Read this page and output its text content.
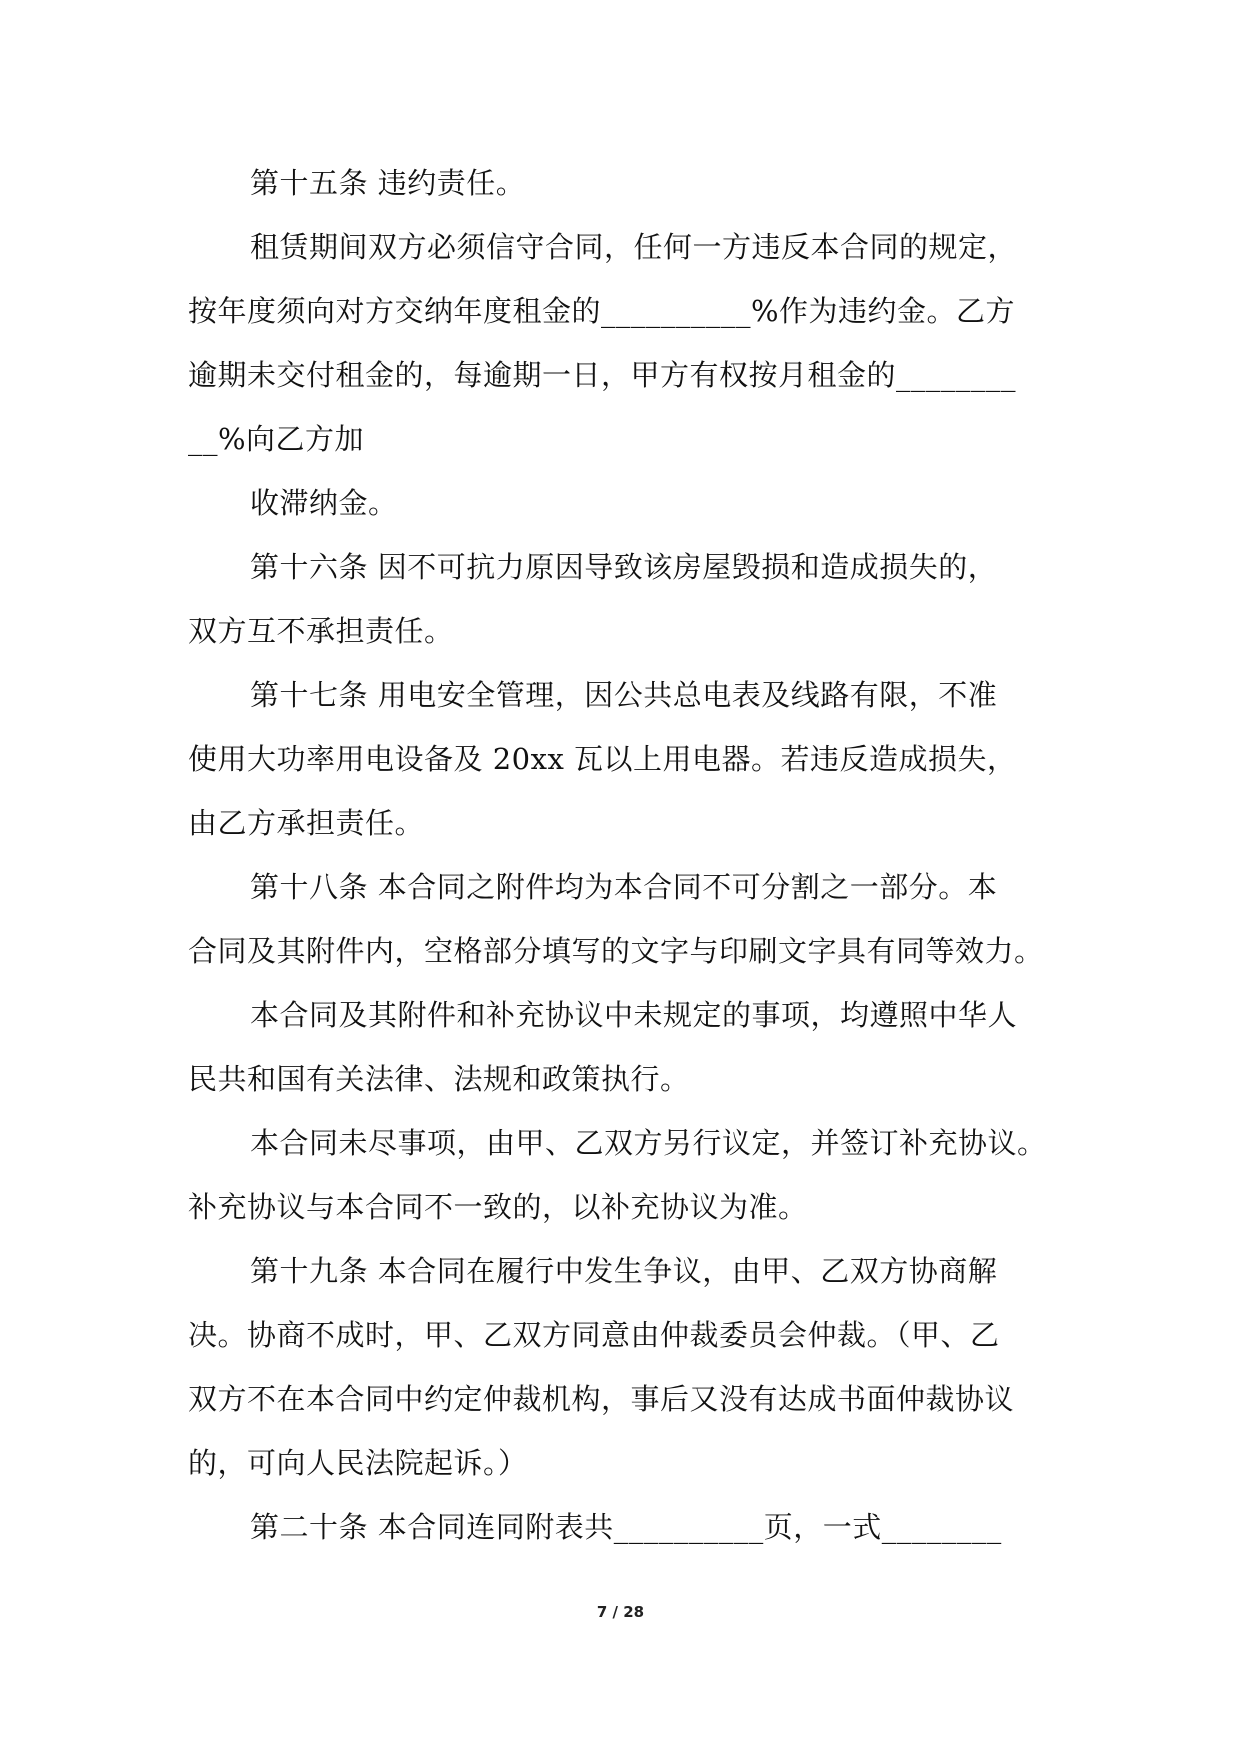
第十五条 违约责任。
租赁期间双方必须信守合同，任何一方违反本合同的规定，
按年度须向对方交纳年度租金的__________%作为违约金。乙方
逾期未交付租金的，每逾期一日，甲方有权按月租金的________
__%向乙方加
收滞纳金。
第十六条 因不可抗力原因导致该房屋毁损和造成损失的，
双方互不承担责任。
第十七条 用电安全管理，因公共总电表及线路有限，不准
使用大功率用电设备及 20xx 瓦以上用电器。若违反造成损失，
由乙方承担责任。
第十八条 本合同之附件均为本合同不可分割之一部分。本
合同及其附件内，空格部分填写的文字与印刷文字具有同等效力。
本合同及其附件和补充协议中未规定的事项，均遵照中华人
民共和国有关法律、法规和政策执行。
本合同未尽事项，由甲、乙双方另行议定，并签订补充协议。
补充协议与本合同不一致的，以补充协议为准。
第十九条 本合同在履行中发生争议，由甲、乙双方协商解
决。协商不成时，甲、乙双方同意由仲裁委员会仲裁。（甲、乙
双方不在本合同中约定仲裁机构，事后又没有达成书面仲裁协议
的，可向人民法院起诉。）
第二十条 本合同连同附表共__________页，一式________
7 / 28
